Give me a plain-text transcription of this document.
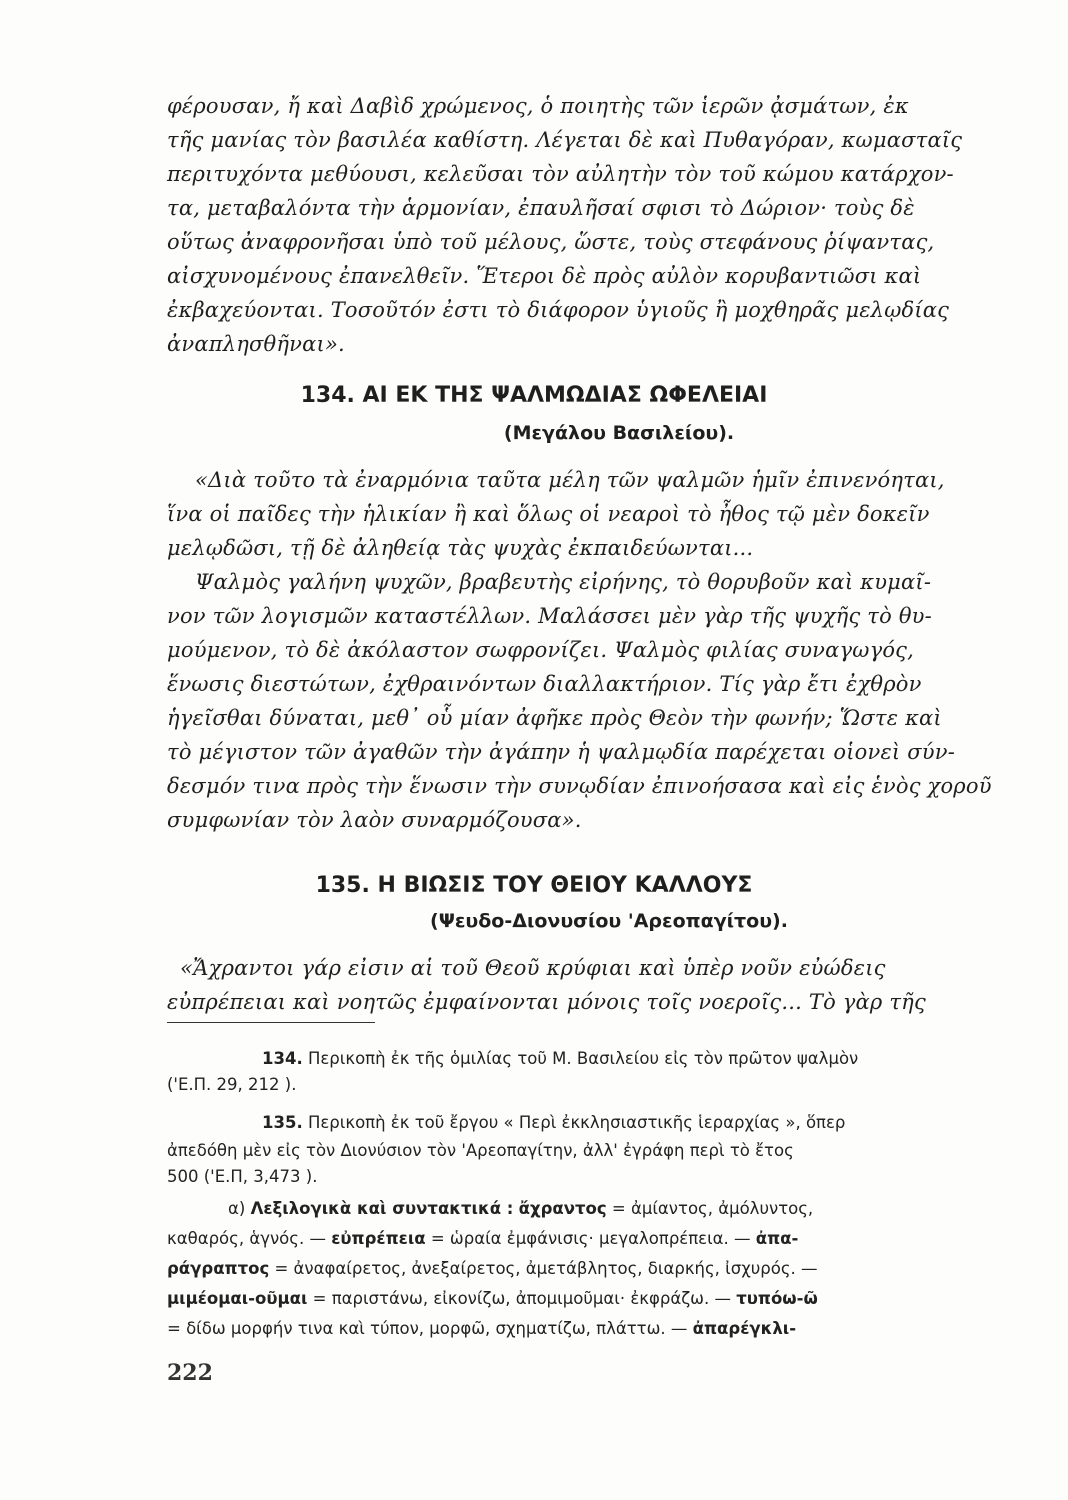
φέρουσαν, ἤ καὶ Δαβὶδ χρώμενος, ὁ ποιητὴς τῶν ἱερῶν ᾀσμάτων, ἐκ
τῆς μανίας τὸν βασιλέα καθίστη. Λέγεται δὲ καὶ Πυθαγόραν, κωμασταῖς
περιτυχόντα μεθύουσι, κελεῦσαι τὸν αὐλητὴν τὸν τοῦ κώμου κατάρχον-
τα, μεταβαλόντα τὴν ἁρμονίαν, ἐπαυλῆσαί σφισι τὸ Δώριον· τοὺς δὲ
οὕτως ἀναφρονῆσαι ὑπὸ τοῦ μέλους, ὥστε, τοὺς στεφάνους ῥίψαντας,
αἰσχυνομένους ἐπανελθεῖν. Ἕτεροι δὲ πρὸς αὐλὸν κορυβαντιῶσι καὶ
ἐκβαχεύονται. Τοσοῦτόν ἐστι τὸ διάφορον ὑγιοῦς ἢ μοχθηρᾶς μελῳδίας
ἀναπλησθῆναι».
134. ΑΙ ΕΚ ΤΗΣ ΨΑΛΜΩΔΙΑΣ ΩΦΕΛΕΙΑΙ
(Μεγάλου Βασιλείου).
«Διὰ τοῦτο τὰ ἐναρμόνια ταῦτα μέλη τῶν ψαλμῶν ἡμῖν ἐπινενόηται,
ἵνα οἱ παῖδες τὴν ἡλικίαν ἢ καὶ ὅλως οἱ νεαροὶ τὸ ἦθος τῷ μὲν δοκεῖν
μελῳδῶσι, τῇ δὲ ἀληθείᾳ τὰς ψυχὰς ἐκπαιδεύωνται...
Ψαλμὸς γαλήνη ψυχῶν, βραβευτὴς εἰρήνης, τὸ θορυβοῦν καὶ κυμαῖ-
νον τῶν λογισμῶν καταστέλλων. Μαλάσσει μὲν γὰρ τῆς ψυχῆς τὸ θυ-
μούμενον, τὸ δὲ ἀκόλαστον σωφρονίζει. Ψαλμὸς φιλίας συναγωγός,
ἕνωσις διεστώτων, ἐχθραινόντων διαλλακτήριον. Τίς γὰρ ἔτι ἐχθρὸν
ἡγεῖσθαι δύναται, μεθ᾽ οὗ μίαν ἀφῆκε πρὸς Θεὸν τὴν φωνήν; Ὥστε καὶ
τὸ μέγιστον τῶν ἀγαθῶν τὴν ἀγάπην ἡ ψαλμῳδία παρέχεται οἱονεὶ σύν-
δεσμόν τινα πρὸς τὴν ἕνωσιν τὴν συνῳδίαν ἐπινοήσασα καὶ εἰς ἑνὸς χοροῦ
συμφωνίαν τὸν λαὸν συναρμόζουσα».
135. Η ΒΙΩΣΙΣ ΤΟΥ ΘΕΙΟΥ ΚΑΛΛΟΥΣ
(Ψευδο-Διονυσίου 'Αρεοπαγίτου).
«Ἄχραντοι γάρ εἰσιν αἱ τοῦ Θεοῦ κρύφιαι καὶ ὑπὲρ νοῦν εὐώδεις
εὐπρέπειαι καὶ νοητῶς ἐμφαίνονται μόνοις τοῖς νοεροῖς... Τὸ γὰρ τῆς
134. Περικοπὴ ἐκ τῆς ὁμιλίας τοῦ Μ. Βασιλείου εἰς τὸν πρῶτον ψαλμὸν
('Ε.Π. 29, 212 ).
135. Περικοπὴ ἐκ τοῦ ἔργου « Περὶ ἐκκλησιαστικῆς ἱεραρχίας », ὅπερ
ἀπεδόθη μὲν εἰς τὸν Διονύσιον τὸν 'Αρεοπαγίτην, ἀλλ' ἐγράφη περὶ τὸ ἔτος
500 ('Ε.Π, 3,473 ).
α) Λεξιλογικὰ καὶ συντακτικά : ἄχραντος = ἀμίαντος, ἀμόλυντος,
καθαρός, ἁγνός. — εὐπρέπεια = ὡραία ἐμφάνισις· μεγαλοπρέπεια. — ἀπα-
ράγραπτος = ἀναφαίρετος, ἀνεξαίρετος, ἀμετάβλητος, διαρκής, ἰσχυρός. —
μιμέομαι-οῦμαι = παριστάνω, εἰκονίζω, ἀπομιμοῦμαι· ἐκφράζω. — τυπόω-ῶ
= δίδω μορφήν τινα καὶ τύπον, μορφῶ, σχηματίζω, πλάττω. — ἀπαρέγκλι-
222
